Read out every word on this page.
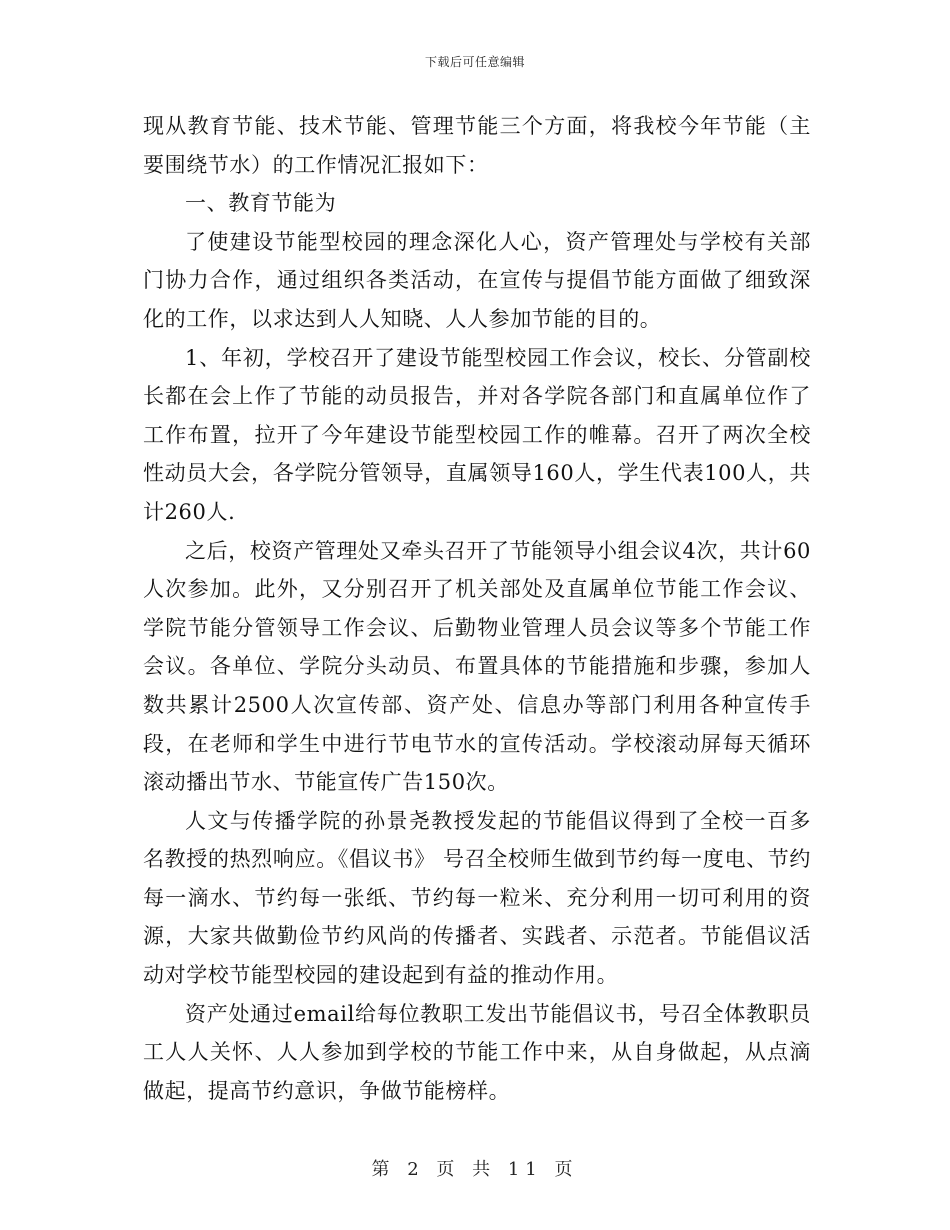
下载后可任意编辑

现从教育节能、技术节能、管理节能三个方面，将我校今年节能（主要围绕节水）的工作情况汇报如下：

一、教育节能为

了使建设节能型校园的理念深化人心，资产管理处与学校有关部门协力合作，通过组织各类活动，在宣传与提倡节能方面做了细致深化的工作，以求达到人人知晓、人人参加节能的目的。

1、年初，学校召开了建设节能型校园工作会议，校长、分管副校长都在会上作了节能的动员报告，并对各学院各部门和直属单位作了工作布置，拉开了今年建设节能型校园工作的帷幕。召开了两次全校性动员大会，各学院分管领导，直属领导160人，学生代表100人，共计260人.

之后，校资产管理处又牵头召开了节能领导小组会议4次，共计60人次参加。此外，又分别召开了机关部处及直属单位节能工作会议、学院节能分管领导工作会议、后勤物业管理人员会议等多个节能工作会议。各单位、学院分头动员、布置具体的节能措施和步骤，参加人数共累计2500人次宣传部、资产处、信息办等部门利用各种宣传手段，在老师和学生中进行节电节水的宣传活动。学校滚动屏每天循环滚动播出节水、节能宣传广告150次。

人文与传播学院的孙景尧教授发起的节能倡议得到了全校一百多名教授的热烈响应。《倡议书》 号召全校师生做到节约每一度电、节约每一滴水、节约每一张纸、节约每一粒米、充分利用一切可利用的资源，大家共做勤俭节约风尚的传播者、实践者、示范者。节能倡议活动对学校节能型校园的建设起到有益的推动作用。

资产处通过email给每位教职工发出节能倡议书，号召全体教职员工人人关怀、人人参加到学校的节能工作中来，从自身做起，从点滴做起，提高节约意识，争做节能榜样。

第 2 页 共 11 页
